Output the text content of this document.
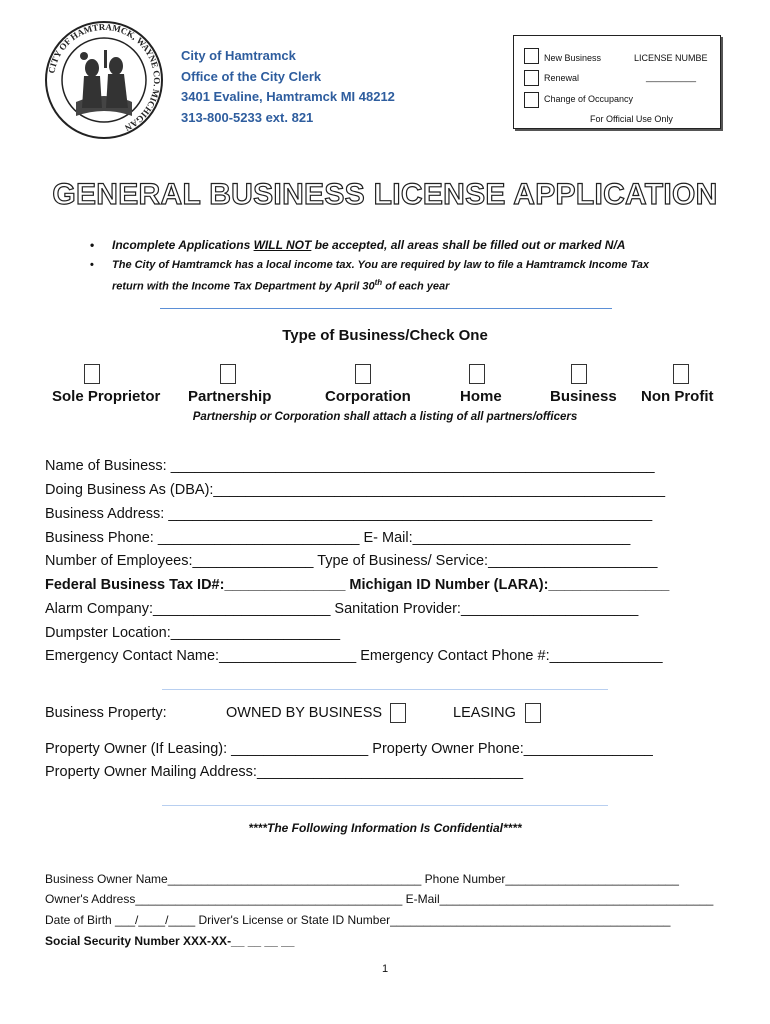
CITY OF HAMTRAMCK, WAYNE CO. MICHIGAN
City of Hamtramck
Office of the City Clerk
3401 Evaline, Hamtramck MI 48212
313-800-5233 ext. 821
New Business	LICENSE NUMBE
Renewal	__________
Change of Occupancy
For Official Use Only
GENERAL BUSINESS LICENSE APPLICATION
• Incomplete Applications WILL NOT be accepted, all areas shall be filled out or marked N/A
• The City of Hamtramck has a local income tax. You are required by law to file a Hamtramck Income Tax
return with the Income Tax Department by April 30th of each year
Type of Business/Check One
Sole Proprietor Partnership	Corporation	Home	Business Non Profit
Partnership or Corporation shall attach a listing of all partners/officers
Name of Business: ____________________________________________________________
Doing Business As (DBA):________________________________________________________
Business Address: ____________________________________________________________
Business Phone: _________________________ E- Mail:___________________________
Number of Employees:_______________ Type of Business/ Service:_____________________
Federal Business Tax ID#:_______________ Michigan ID Number (LARA):_______________
Alarm Company:______________________ Sanitation Provider:______________________
Dumpster Location:_____________________
Emergency Contact Name:_________________ Emergency Contact Phone #:______________
Business Property:	OWNED BY BUSINESS	LEASING
Property Owner (If Leasing): _________________ Property Owner Phone:________________
Property Owner Mailing Address:_________________________________
****The Following Information Is Confidential****
Business Owner Name______________________________________ Phone Number__________________________
Owner's Address________________________________________ E-Mail_________________________________________
Date of Birth ___/____/____ Driver's License or State ID Number__________________________________________
Social Security Number XXX-XX-__ __ __ __
1
